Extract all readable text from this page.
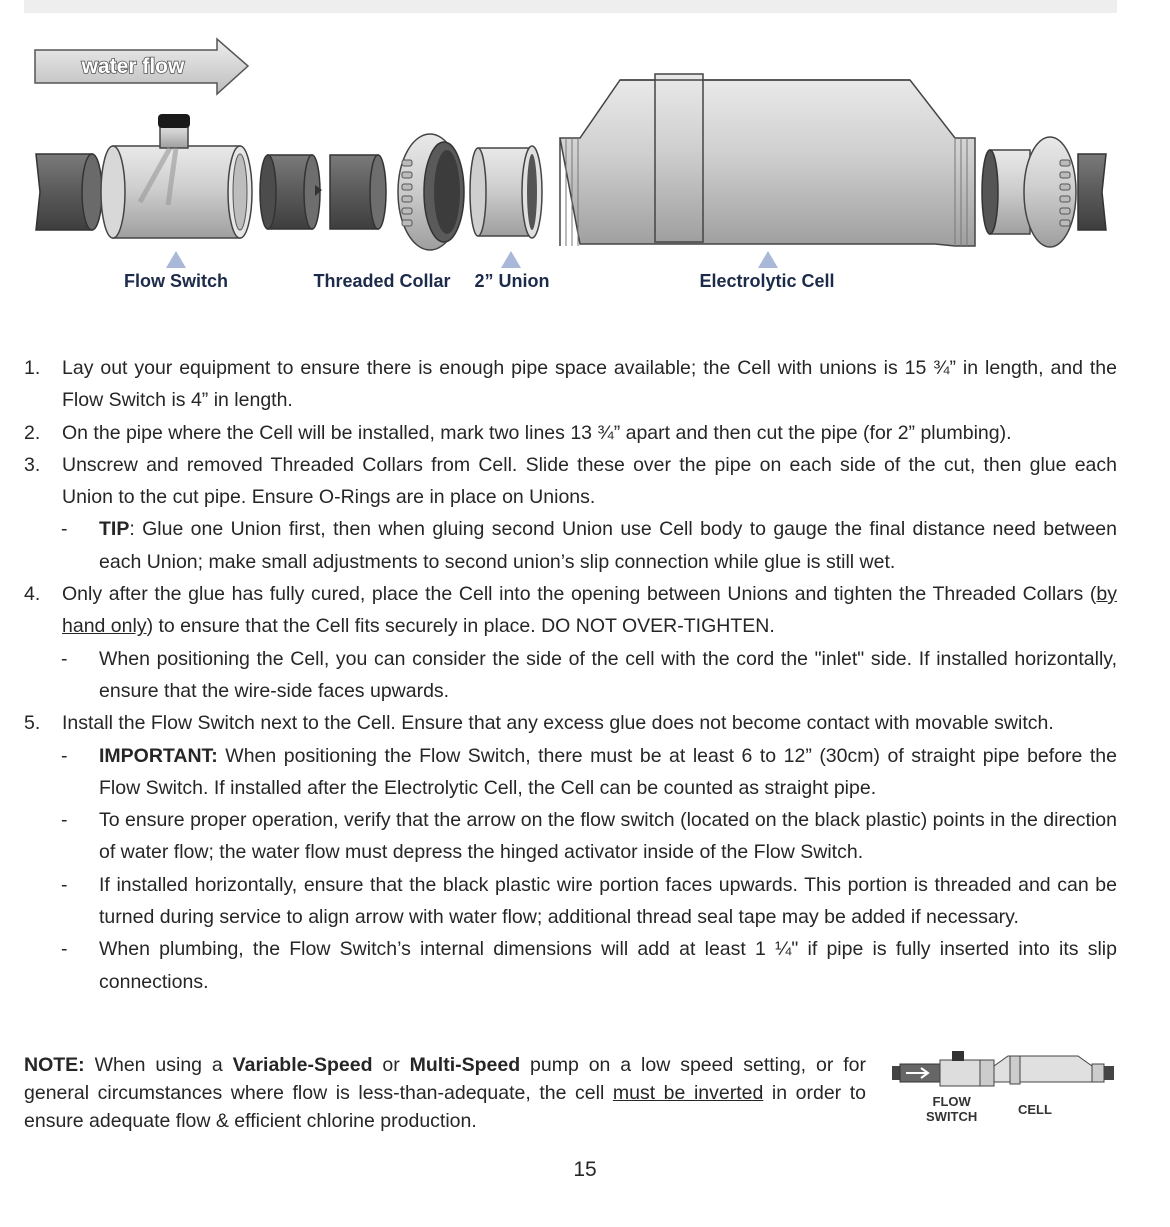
water flow
Flow Switch	Threaded Collar 2” Union	Electrolytic Cell
1. Lay out your equipment to ensure there is enough pipe space available; the Cell with unions is 15 ¾” in length, and the Flow Switch is 4” in length.
2. On the pipe where the Cell will be installed, mark two lines 13 ¾” apart and then cut the pipe (for 2” plumbing).
3. Unscrew and removed Threaded Collars from Cell. Slide these over the pipe on each side of the cut, then glue each Union to the cut pipe. Ensure O-Rings are in place on Unions.
- TIP: Glue one Union first, then when gluing second Union use Cell body to gauge the final distance need between each Union; make small adjustments to second union’s slip connection while glue is still wet.
4. Only after the glue has fully cured, place the Cell into the opening between Unions and tighten the Threaded Collars (by hand only) to ensure that the Cell fits securely in place. DO NOT OVER-TIGHTEN.
- When positioning the Cell, you can consider the side of the cell with the cord the "inlet" side. If installed horizontally, ensure that the wire-side faces upwards.
5. Install the Flow Switch next to the Cell. Ensure that any excess glue does not become contact with movable switch.
- IMPORTANT: When positioning the Flow Switch, there must be at least 6 to 12” (30cm) of straight pipe before the Flow Switch. If installed after the Electrolytic Cell, the Cell can be counted as straight pipe.
- To ensure proper operation, verify that the arrow on the flow switch (located on the black plastic) points in the direction of water flow; the water flow must depress the hinged activator inside of the Flow Switch.
- If installed horizontally, ensure that the black plastic wire portion faces upwards. This portion is threaded and can be turned during service to align arrow with water flow; additional thread seal tape may be added if necessary.
- When plumbing, the Flow Switch’s internal dimensions will add at least 1 ¼" if pipe is fully inserted into its slip connections.
NOTE: When using a Variable-Speed or Multi-Speed pump on a low speed setting, or for general circumstances where flow is less-than-adequate, the cell must be inverted in order to ensure adequate flow & efficient chlorine production.
FLOW
SWITCH	CELL
15
